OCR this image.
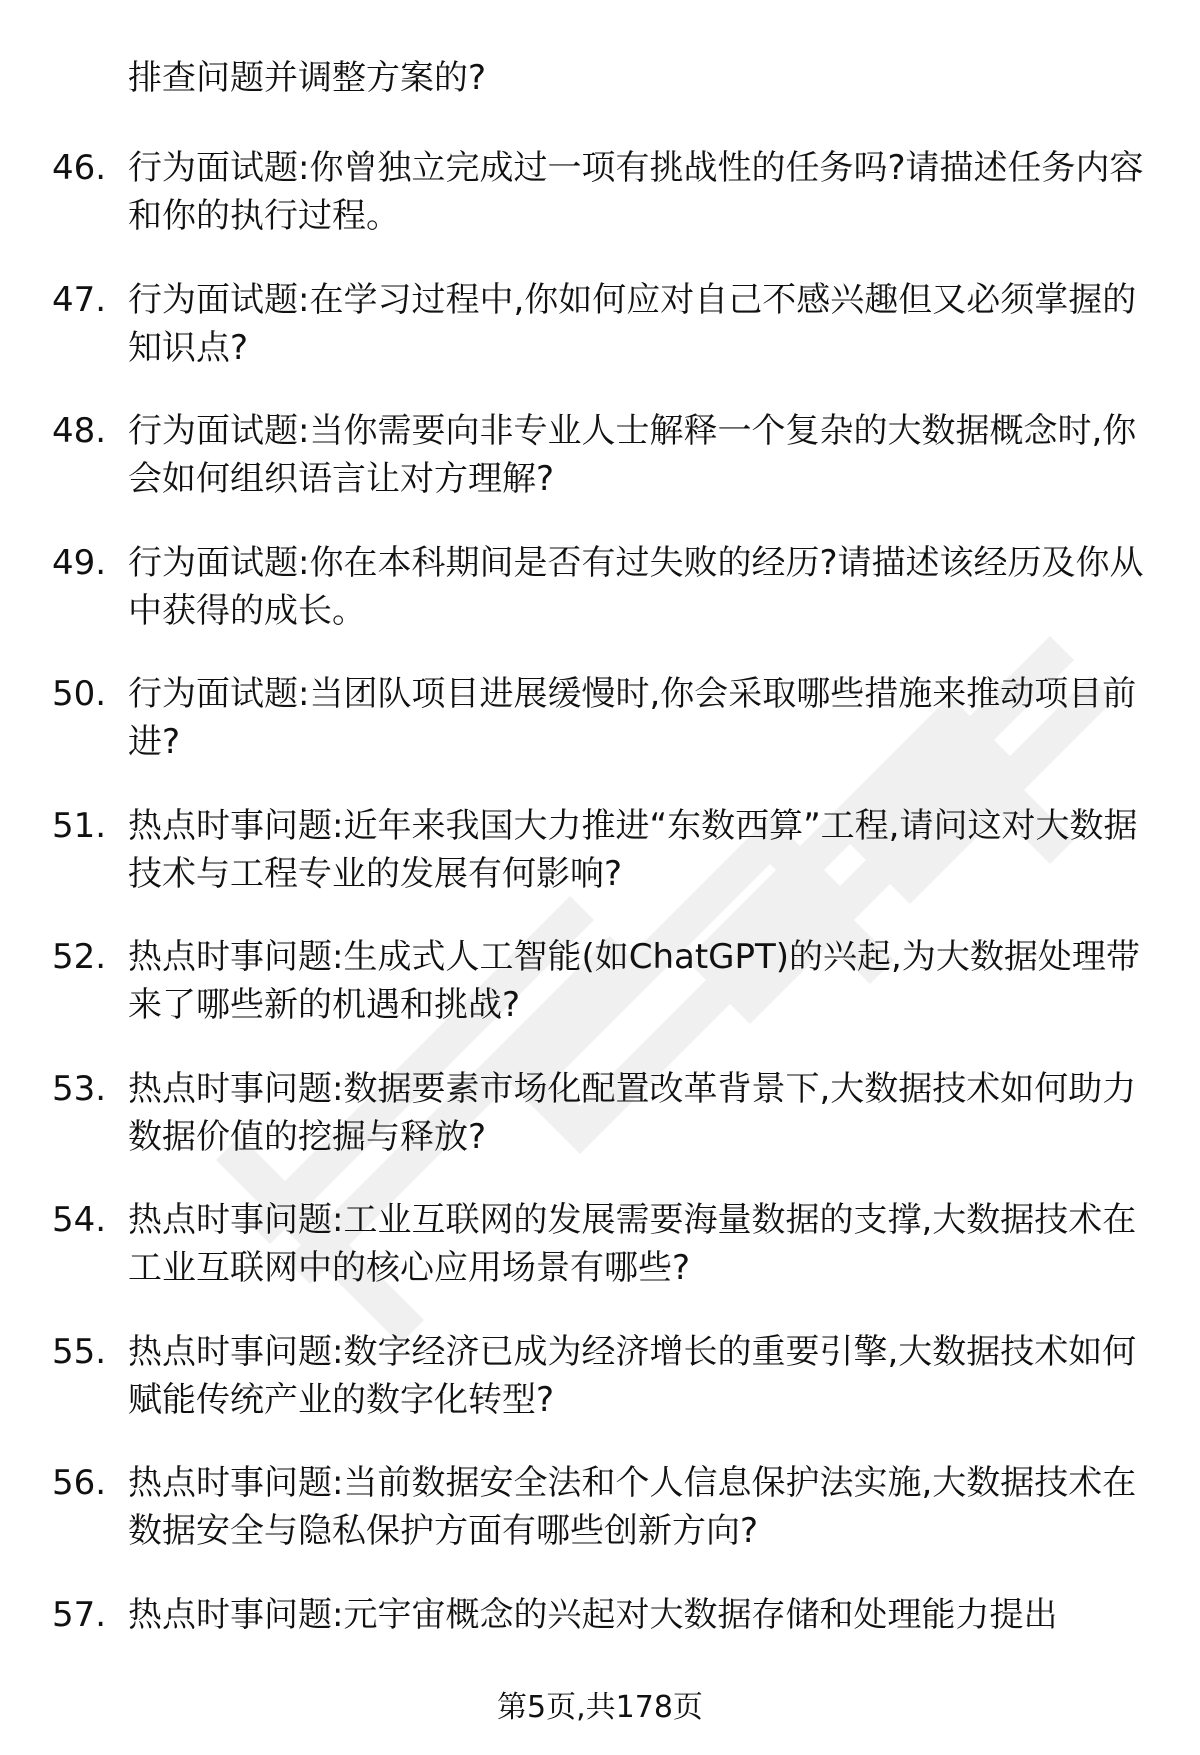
排查问题并调整方案的?

46. 行为面试题:你曾独立完成过一项有挑战性的任务吗?请描述任务内容和你的执行过程。

47. 行为面试题:在学习过程中,你如何应对自己不感兴趣但又必须掌握的知识点?

48. 行为面试题:当你需要向非专业人士解释一个复杂的大数据概念时,你会如何组织语言让对方理解?

49. 行为面试题:你在本科期间是否有过失败的经历?请描述该经历及你从中获得的成长。

50. 行为面试题:当团队项目进展缓慢时,你会采取哪些措施来推动项目前进?

51. 热点时事问题:近年来我国大力推进“东数西算”工程,请问这对大数据技术与工程专业的发展有何影响?

52. 热点时事问题:生成式人工智能(如ChatGPT)的兴起,为大数据处理带来了哪些新的机遇和挑战?

53. 热点时事问题:数据要素市场化配置改革背景下,大数据技术如何助力数据价值的挖掘与释放?

54. 热点时事问题:工业互联网的发展需要海量数据的支撑,大数据技术在工业互联网中的核心应用场景有哪些?

55. 热点时事问题:数字经济已成为经济增长的重要引擎,大数据技术如何赋能传统产业的数字化转型?

56. 热点时事问题:当前数据安全法和个人信息保护法实施,大数据技术在数据安全与隐私保护方面有哪些创新方向?

57. 热点时事问题:元宇宙概念的兴起对大数据存储和处理能力提出

第5页,共178页
